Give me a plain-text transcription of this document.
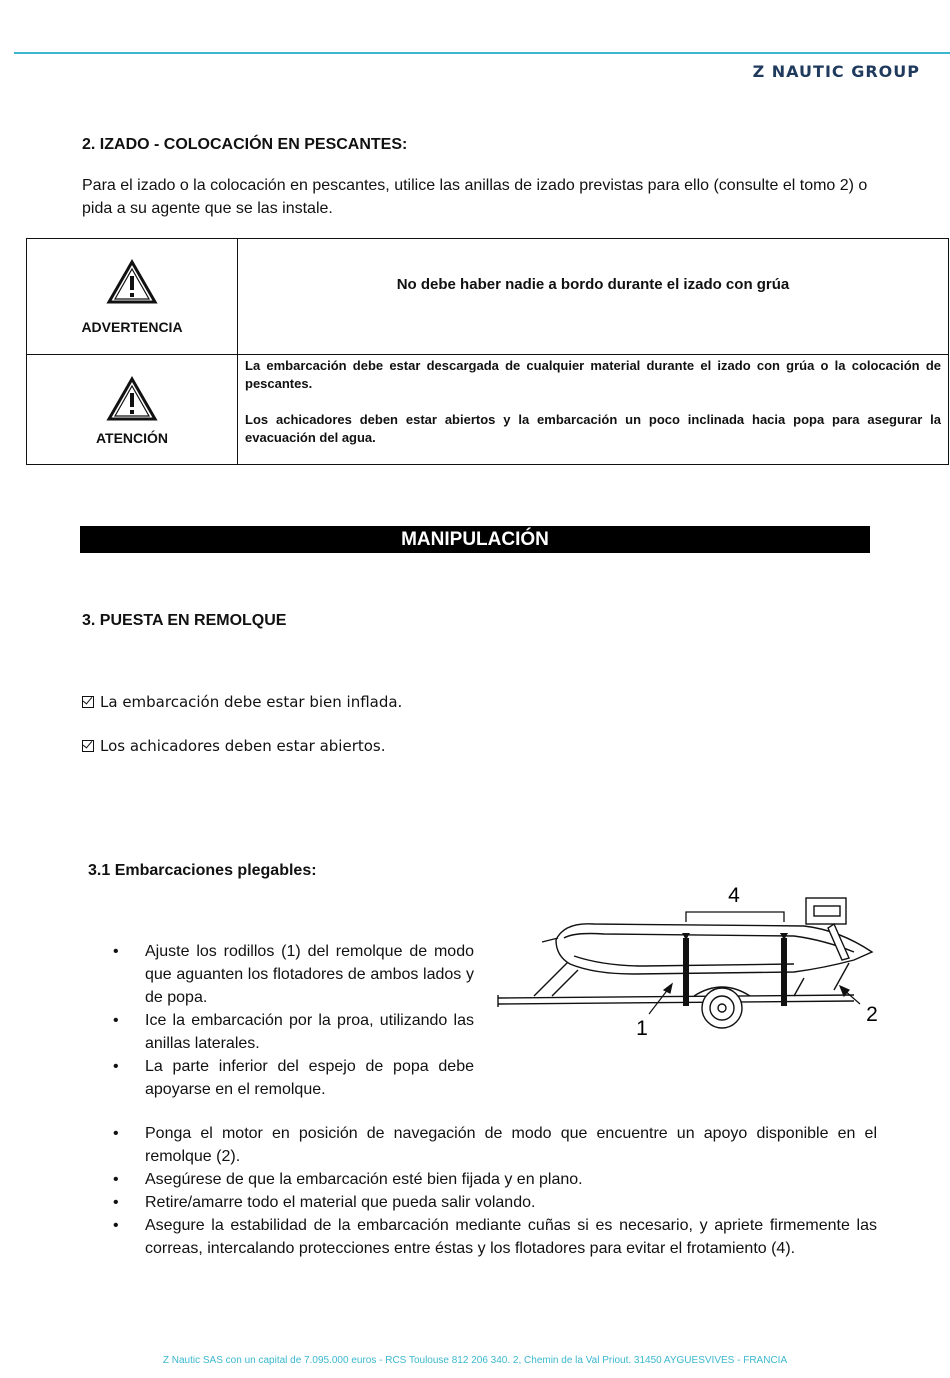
Z NAUTIC GROUP
2. IZADO - COLOCACIÓN EN PESCANTES:
Para el izado o la colocación en pescantes, utilice las anillas de izado previstas para ello (consulte el tomo 2) o pida a su agente que se las instale.
ADVERTENCIA	No debe haber nadie a bordo durante el izado con grúa

ATENCIÓN	La embarcación debe estar descargada de cualquier material durante el izado con grúa o la colocación de pescantes.

Los achicadores deben estar abiertos y la embarcación un poco inclinada hacia popa para asegurar la evacuación del agua.

MANIPULACIÓN
3. PUESTA EN REMOLQUE
La embarcación debe estar bien inflada.
Los achicadores deben estar abiertos.
3.1 Embarcaciones plegables:
• Ajuste los rodillos (1) del remolque de modo que aguanten los flotadores de ambos lados y de popa.
• Ice la embarcación por la proa, utilizando las anillas laterales.
• La parte inferior del espejo de popa debe apoyarse en el remolque.
4
1
2
• Ponga el motor en posición de navegación de modo que encuentre un apoyo disponible en el remolque (2).
• Asegúrese de que la embarcación esté bien fijada y en plano.
• Retire/amarre todo el material que pueda salir volando.
• Asegure la estabilidad de la embarcación mediante cuñas si es necesario, y apriete firmemente las correas, intercalando protecciones entre éstas y los flotadores para evitar el frotamiento (4).
Z Nautic SAS con un capital de 7.095.000 euros - RCS Toulouse 812 206 340. 2, Chemin de la Val Priout. 31450 AYGUESVIVES - FRANCIA
